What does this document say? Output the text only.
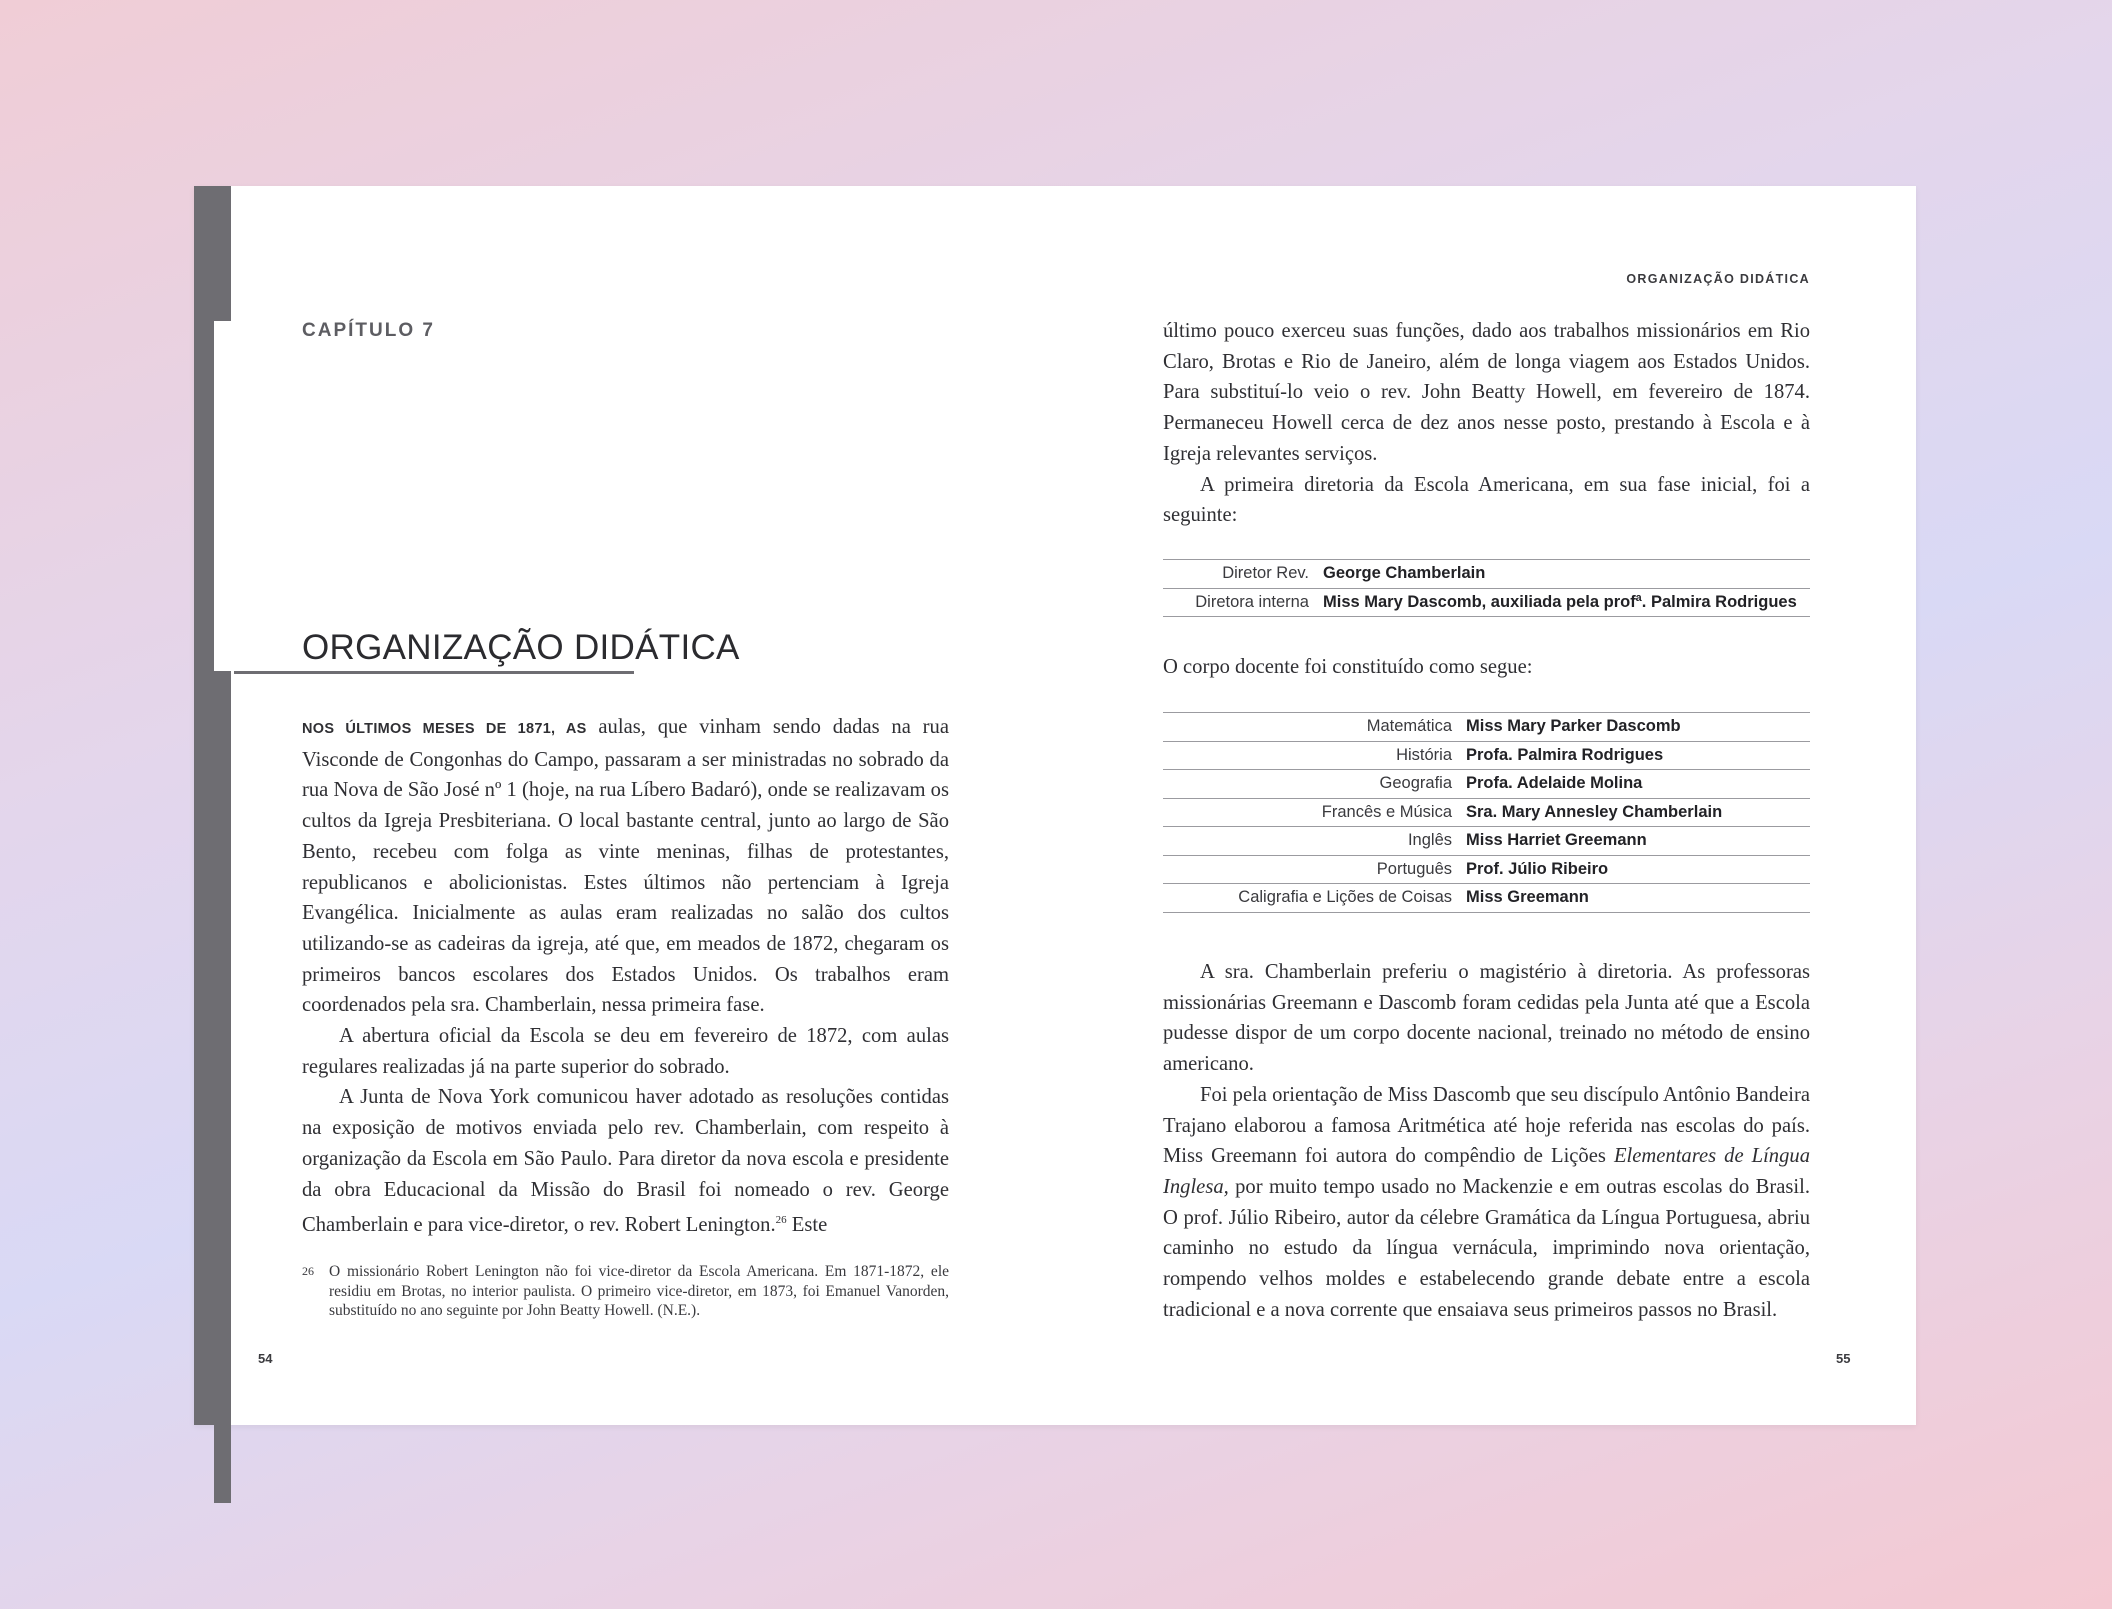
CAPÍTULO 7
ORGANIZAÇÃO DIDÁTICA

NOS ÚLTIMOS MESES DE 1871, AS aulas, que vinham sendo dadas na rua Visconde de Congonhas do Campo, passaram a ser ministradas no sobrado da rua Nova de São José nº 1 (hoje, na rua Líbero Badaró), onde se realizavam os cultos da Igreja Presbiteriana. O local bastante central, junto ao largo de São Bento, recebeu com folga as vinte meninas, filhas de protestantes, republicanos e abolicionistas. Estes últimos não pertenciam à Igreja Evangélica. Inicialmente as aulas eram realizadas no salão dos cultos utilizando-se as cadeiras da igreja, até que, em meados de 1872, chegaram os primeiros bancos escolares dos Estados Unidos. Os trabalhos eram coordenados pela sra. Chamberlain, nessa primeira fase.

A abertura oficial da Escola se deu em fevereiro de 1872, com aulas regulares realizadas já na parte superior do sobrado.

A Junta de Nova York comunicou haver adotado as resoluções contidas na exposição de motivos enviada pelo rev. Chamberlain, com respeito à organização da Escola em São Paulo. Para diretor da nova escola e presidente da obra Educacional da Missão do Brasil foi nomeado o rev. George Chamberlain e para vice-diretor, o rev. Robert Lenington.$^{26}$ Este

26 O missionário Robert Lenington não foi vice-diretor da Escola Americana. Em 1871-1872, ele residiu em Brotas, no interior paulista. O primeiro vice-diretor, em 1873, foi Emanuel Vanorden, substituído no ano seguinte por John Beatty Howell. (N.E.).
54
ORGANIZAÇÃO DIDÁTICA

último pouco exerceu suas funções, dado aos trabalhos missionários em Rio Claro, Brotas e Rio de Janeiro, além de longa viagem aos Estados Unidos. Para substituí-lo veio o rev. John Beatty Howell, em fevereiro de 1874. Permaneceu Howell cerca de dez anos nesse posto, prestando à Escola e à Igreja relevantes serviços.

A primeira diretoria da Escola Americana, em sua fase inicial, foi a seguinte:

Diretor Rev.	George Chamberlain
Diretora interna	Miss Mary Dascomb, auxiliada pela profª. Palmira Rodrigues
O corpo docente foi constituído como segue:
Matemática	Miss Mary Parker Dascomb
História	Profa. Palmira Rodrigues
Geografia	Profa. Adelaide Molina
Francês e Música	Sra. Mary Annesley Chamberlain
Inglês	Miss Harriet Greemann
Português	Prof. Júlio Ribeiro
Caligrafia e Lições de Coisas	Miss Greemann

A sra. Chamberlain preferiu o magistério à diretoria. As professoras missionárias Greemann e Dascomb foram cedidas pela Junta até que a Escola pudesse dispor de um corpo docente nacional, treinado no método de ensino americano.

Foi pela orientação de Miss Dascomb que seu discípulo Antônio Bandeira Trajano elaborou a famosa Aritmética até hoje referida nas escolas do país. Miss Greemann foi autora do compêndio de Lições Elementares de Língua Inglesa, por muito tempo usado no Mackenzie e em outras escolas do Brasil. O prof. Júlio Ribeiro, autor da célebre Gramática da Língua Portuguesa, abriu caminho no estudo da língua vernácula, imprimindo nova orientação, rompendo velhos moldes e estabelecendo grande debate entre a escola tradicional e a nova corrente que ensaiava seus primeiros passos no Brasil.

55
